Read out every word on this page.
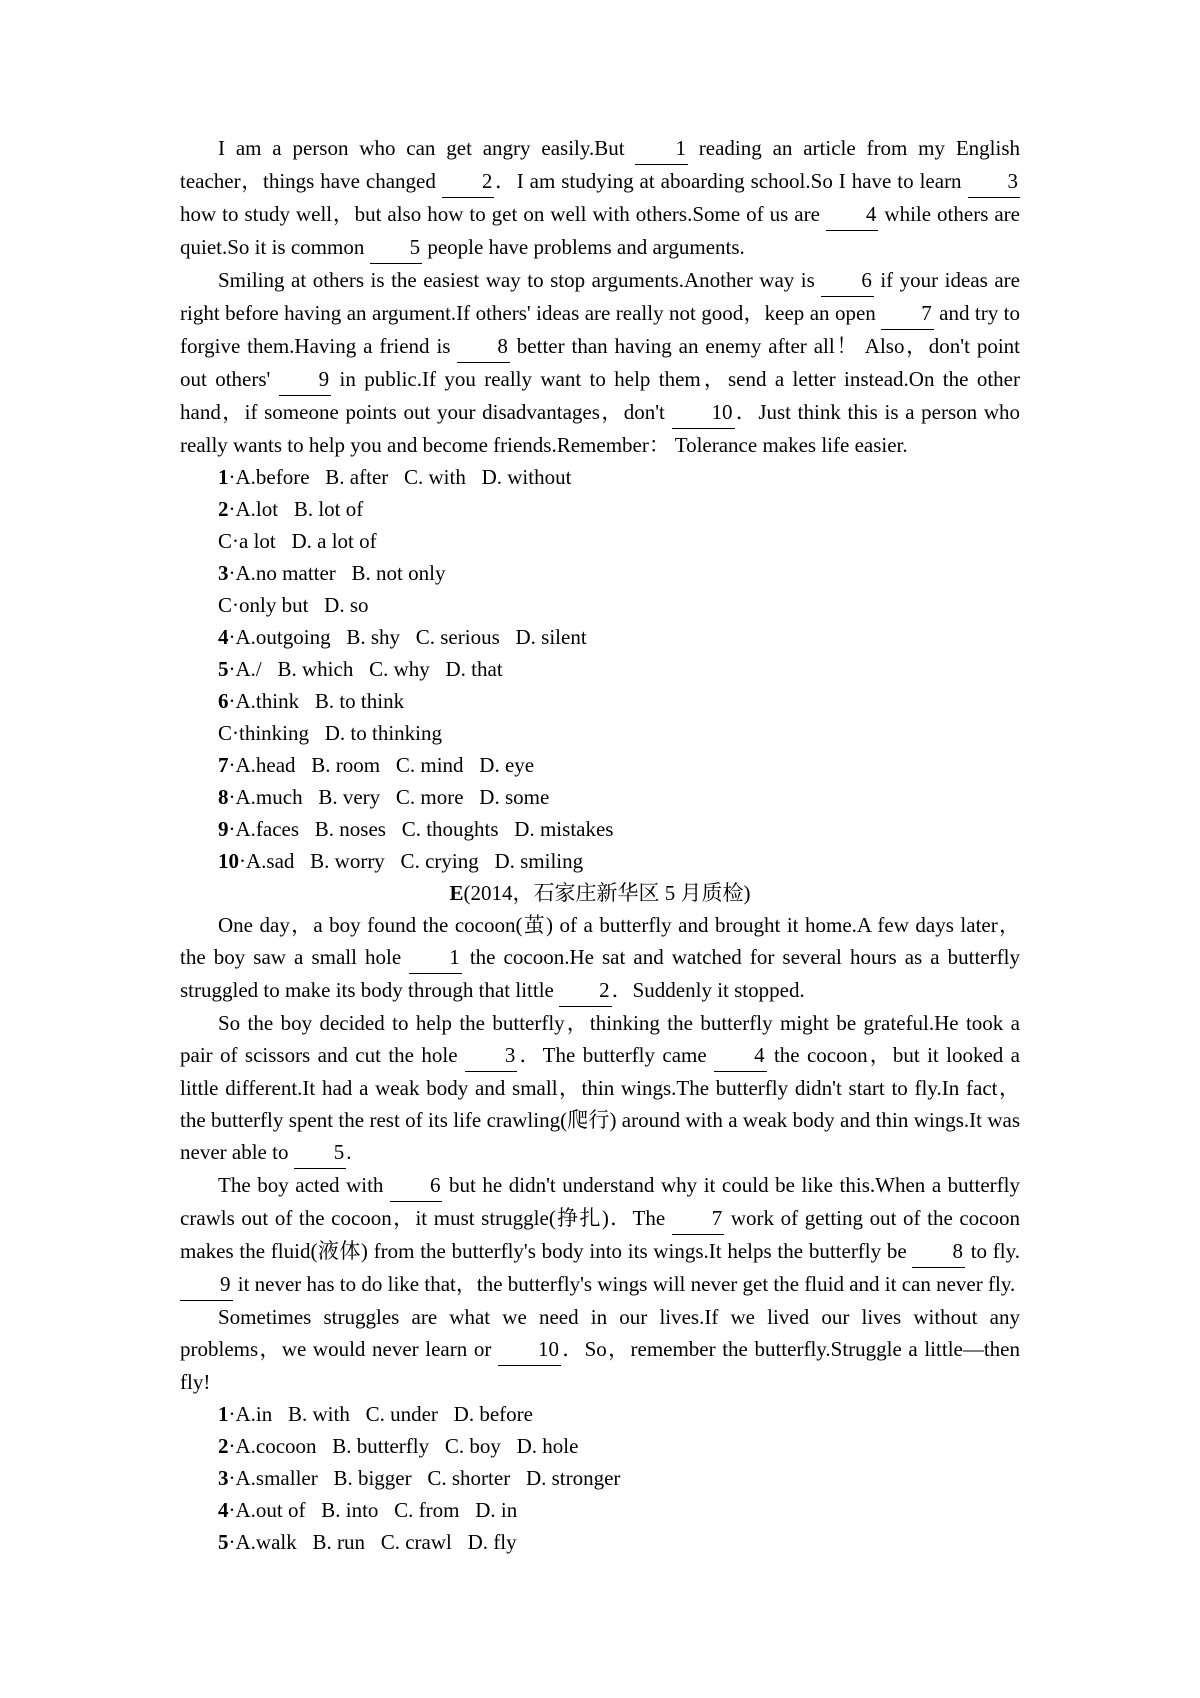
I am a person who can get angry easily.But 1 reading an article from my English teacher，things have changed 2．I am studying at aboarding school.So I have to learn 3 how to study well，but also how to get on well with others.Some of us are 4 while others are quiet.So it is common 5 people have problems and arguments.
Smiling at others is the easiest way to stop arguments.Another way is 6 if your ideas are right before having an argument.If others' ideas are really not good，keep an open 7 and try to forgive them.Having a friend is 8 better than having an enemy after all！ Also，don't point out others' 9 in public.If you really want to help them，send a letter instead.On the other hand，if someone points out your disadvantages，don't 10．Just think this is a person who really wants to help you and become friends.Remember： Tolerance makes life easier.
1·A.before   B. after   C. with   D. without
2·A.lot   B. lot of
C·a lot   D. a lot of
3·A.no matter   B. not only
C·only but   D. so
4·A.outgoing   B. shy   C. serious   D. silent
5·A./   B. which   C. why   D. that
6·A.think   B. to think
C·thinking   D. to thinking
7·A.head   B. room   C. mind   D. eye
8·A.much   B. very   C. more   D. some
9·A.faces   B. noses   C. thoughts   D. mistakes
10·A.sad   B. worry   C. crying   D. smiling
E(2014，石家庄新华区 5 月质检)
One day，a boy found the cocoon(茧) of a butterfly and brought it home.A few days later，the boy saw a small hole 1 the cocoon.He sat and watched for several hours as a butterfly struggled to make its body through that little 2．Suddenly it stopped.
So the boy decided to help the butterfly，thinking the butterfly might be grateful.He took a pair of scissors and cut the hole 3．The butterfly came 4 the cocoon，but it looked a little different.It had a weak body and small，thin wings.The butterfly didn't start to fly.In fact，the butterfly spent the rest of its life crawling(爬行) around with a weak body and thin wings.It was never able to 5.
The boy acted with 6 but he didn't understand why it could be like this.When a butterfly crawls out of the cocoon，it must struggle(挣扎)．The 7 work of getting out of the cocoon makes the fluid(液体) from the butterfly's body into its wings.It helps the butterfly be 8 to fly.9 it never has to do like that，the butterfly's wings will never get the fluid and it can never fly.
Sometimes struggles are what we need in our lives.If we lived our lives without any problems，we would never learn or 10．So，remember the butterfly.Struggle a little—then fly!
1·A.in   B. with   C. under   D. before
2·A.cocoon   B. butterfly   C. boy   D. hole
3·A.smaller   B. bigger   C. shorter   D. stronger
4·A.out of   B. into   C. from   D. in
5·A.walk   B. run   C. crawl   D. fly
